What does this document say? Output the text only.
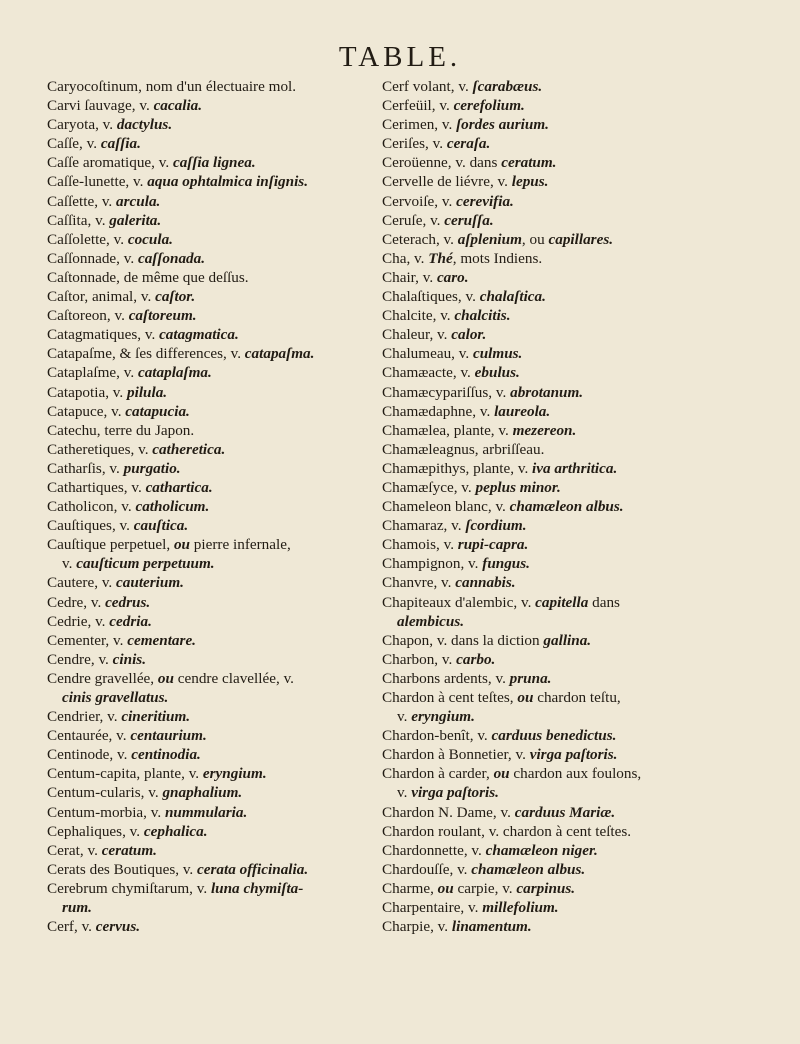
TABLE.
Caryocoſtinum, nom d'un électuaire mol.
Carvi ſauvage, v. cacalia.
Caryota, v. dactylus.
Caſſe, v. caſſia.
Caſſe aromatique, v. caſſia lignea.
Caſſe-lunette, v. aqua ophtalmica inſignis.
Caſſette, v. arcula.
Caſſita, v. galerita.
Caſſolette, v. cocula.
Caſſonnade, v. caſſonada.
Caſtonnade, de même que deſſus.
Caſtor, animal, v. caſtor.
Caſtoreon, v. caſtoreum.
Catagmatiques, v. catagmatica.
Catapaſme, & ſes differences, v. catapaſma.
Cataplaſme, v. cataplaſma.
Catapotia, v. pilula.
Catapuce, v. catapucia.
Catechu, terre du Japon.
Catheretiques, v. catheretica.
Catharſis, v. purgatio.
Cathartiques, v. cathartica.
Catholicon, v. catholicum.
Cauſtiques, v. cauſtica.
Cauſtique perpetuel, ou pierre infernale,
v. cauſticum perpetuum.
Cautere, v. cauterium.
Cedre, v. cedrus.
Cedrie, v. cedria.
Cementer, v. cementare.
Cendre, v. cinis.
Cendre gravellée, ou cendre clavellée, v.
cinis gravellatus.
Cendrier, v. cineritium.
Centaurée, v. centaurium.
Centinode, v. centinodia.
Centum-capita, plante, v. eryngium.
Centum-cularis, v. gnaphalium.
Centum-morbia, v. nummularia.
Cephaliques, v. cephalica.
Cerat, v. ceratum.
Cerats des Boutiques, v. cerata officinalia.
Cerebrum chymiſtarum, v. luna chymiſta-
rum.
Cerf, v. cervus.
Cerf volant, v. ſcarabæus.
Cerfeüil, v. cerefolium.
Cerimen, v. ſordes aurium.
Ceriſes, v. ceraſa.
Ceroüenne, v. dans ceratum.
Cervelle de liévre, v. lepus.
Cervoiſe, v. cerevifia.
Ceruſe, v. ceruſſa.
Ceterach, v. aſplenium, ou capillares.
Cha, v. Thé, mots Indiens.
Chair, v. caro.
Chalaſtiques, v. chalaſtica.
Chalcite, v. chalcitis.
Chaleur, v. calor.
Chalumeau, v. culmus.
Chamæacte, v. ebulus.
Chamæcypariſſus, v. abrotanum.
Chamædaphne, v. laureola.
Chamælea, plante, v. mezereon.
Chamæleagnus, arbriſſeau.
Chamæpithys, plante, v. iva arthritica.
Chamæſyce, v. peplus minor.
Chameleon blanc, v. chamæleon albus.
Chamaraz, v. ſcordium.
Chamois, v. rupi-capra.
Champignon, v. fungus.
Chanvre, v. cannabis.
Chapiteaux d'alembic, v. capitella dans
alembicus.
Chapon, v. dans la diction gallina.
Charbon, v. carbo.
Charbons ardents, v. pruna.
Chardon à cent teſtes, ou chardon teſtu,
v. eryngium.
Chardon-benît, v. carduus benedictus.
Chardon à Bonnetier, v. virga paſtoris.
Chardon à carder, ou chardon aux foulons,
v. virga paſtoris.
Chardon N. Dame, v. carduus Mariæ.
Chardon roulant, v. chardon à cent teſtes.
Chardonnette, v. chamæleon niger.
Chardouſſe, v. chamæleon albus.
Charme, ou carpie, v. carpinus.
Charpentaire, v. millefolium.
Charpie, v. linamentum.
